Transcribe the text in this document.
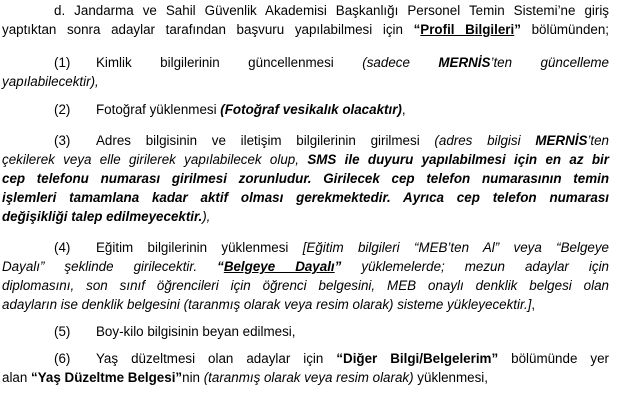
d. Jandarma ve Sahil Güvenlik Akademisi Başkanlığı Personel Temin Sistemi’ne giriş
yaptıktan sonra adaylar tarafından başvuru yapılabilmesi için “Profil Bilgileri” bölümünden;
(1) Kimlik bilgilerinin güncellenmesi (sadece MERNİS’ten güncelleme
yapılabilecektir),
(2) Fotoğraf yüklenmesi (Fotoğraf vesikalık olacaktır),
(3) Adres bilgisinin ve iletişim bilgilerinin girilmesi (adres bilgisi MERNİS’ten
çekilerek veya elle girilerek yapılabilecek olup, SMS ile duyuru yapılabilmesi için en az bir
cep telefonu numarası girilmesi zorunludur. Girilecek cep telefon numarasının temin
işlemleri tamamlana kadar aktif olması gerekmektedir. Ayrıca cep telefon numarası
değişikliği talep edilmeyecektir.),
(4) Eğitim bilgilerinin yüklenmesi [Eğitim bilgileri “MEB’ten Al” veya “Belgeye
Dayalı” şeklinde girilecektir. “Belgeye Dayalı” yüklemelerde; mezun adaylar için
diplomasını, son sınıf öğrencileri için öğrenci belgesini, MEB onaylı denklik belgesi olan
adayların ise denklik belgesini (taranmış olarak veya resim olarak) sisteme yükleyecektir.],
(5) Boy-kilo bilgisinin beyan edilmesi,
(6) Yaş düzeltmesi olan adaylar için “Diğer Bilgi/Belgelerim” bölümünde yer
alan “Yaş Düzeltme Belgesi”nin (taranmış olarak veya resim olarak) yüklenmesi,
